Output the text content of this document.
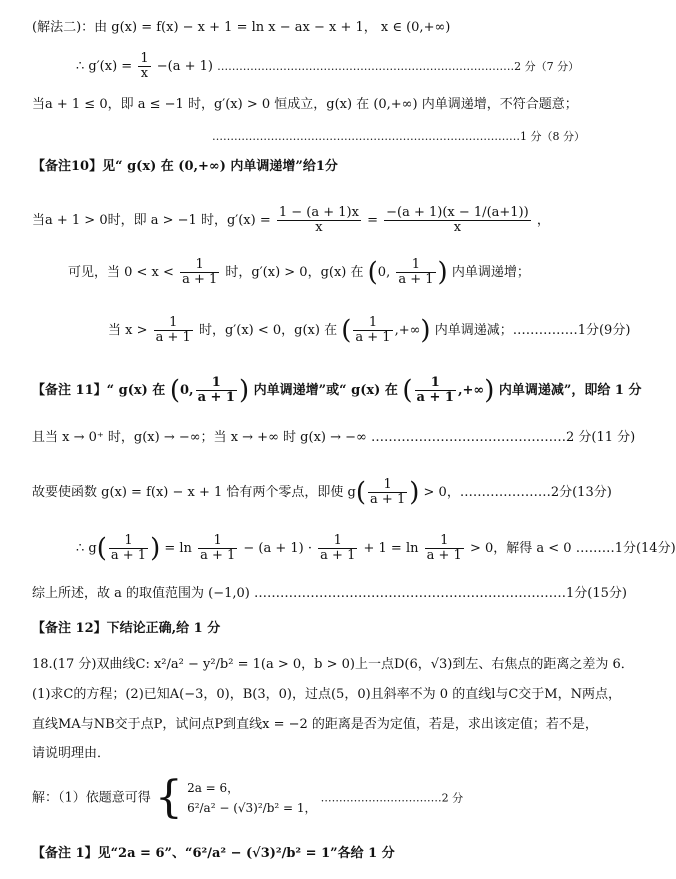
(解法二)：由 g(x) = f(x) − x + 1 = ln x − ax − x + 1， x ∈ (0,+∞)
∴ $g'(x) = \frac{1}{x} -(a + 1)$ ………………………………………………………………………2 分（7 分）
当a + 1 ≤ 0，即 a ≤ −1 时，g′(x) > 0 恒成立，g(x) 在 (0,+∞) 内单调递增，不符合题意；
…………………………………………………………………………1 分（8 分）
【备注10】见“ g(x) 在 (0,+∞) 内单调递增”给1分
当a + 1 > 0时，即 a > −1 时，$g'(x) = \frac{1 - (a + 1)x}{x} = \frac{-(a + 1)(x - 1/(a+1))}{x}$ ，
可见，当 $0 < x < \frac{1}{a + 1}$ 时，g′(x) > 0，g(x) 在 (0, $\frac{1}{a + 1}$ ) 内单调递增；
当 $x > \frac{1}{a + 1}$ 时，g′(x) < 0，g(x) 在 ( $\frac{1}{a + 1}$ ,+∞) 内单调递减；……………1分(9分)
【备注 11】“ g(x) 在 (0, $\frac{1}{a + 1}$ ) 内单调递增”或“ g(x) 在 ( $\frac{1}{a + 1}$ ,+∞) 内单调递减”，即给 1 分
且当 x → 0⁺ 时，g(x) → −∞；当 x → +∞ 时 g(x) → −∞ ………………………………………2 分(11 分)
故要使函数 g(x) = f(x) − x + 1 恰有两个零点，即使 $g( \frac{1}{a + 1}$ ) > 0，…………………2分(13分)
∴ $g( \frac{1}{a + 1}$ ) = $\ln \frac{1}{a + 1} - (a + 1) \cdot \frac{1}{a + 1} + 1 = \ln \frac{1}{a + 1} > 0$，解得 a < 0 ………1分(14分)
综上所述，故 a 的取值范围为 (−1,0) ………………………………………………………………1分(15分)
【备注 12】下结论正确,给 1 分
18.(17 分)双曲线C: x²/a² − y²/b² = 1(a > 0，b > 0)上一点D(6，√3)到左、右焦点的距离之差为 6．
(1)求C的方程；(2)已知A(−3，0)，B(3，0)，过点(5，0)且斜率不为 0 的直线l与C交于M，N两点，
直线MA与NB交于点P，试问点P到直线x = −2 的距离是否为定值，若是，求出该定值；若不是，
请说明理由．
解：（1）依题意可得 { 2a = 6，
6²/a² − (√3)²/b² = 1，
……………………………2 分
【备注 1】见“2a = 6”、“6²/a² − (√3)²/b² = 1”各给 1 分
